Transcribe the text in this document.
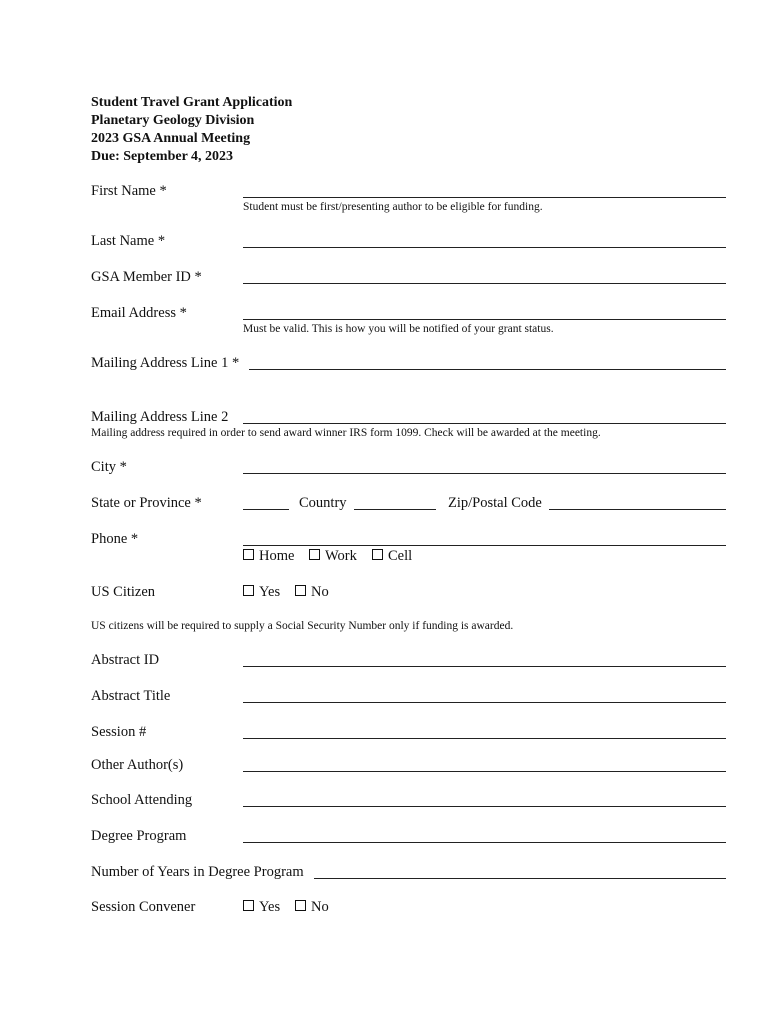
Student Travel Grant Application
Planetary Geology Division
2023 GSA Annual Meeting
Due: September 4, 2023
First Name *
Student must be first/presenting author to be eligible for funding.
Last Name *
GSA Member ID *
Email Address *
Must be valid. This is how you will be notified of your grant status.
Mailing Address Line 1 *
Mailing Address Line 2
Mailing address required in order to send award winner IRS form 1099. Check will be awarded at the meeting.
City *
State or Province *	Country	Zip/Postal Code
Phone *
Home	Work	Cell
US Citizen	Yes	No
US citizens will be required to supply a Social Security Number only if funding is awarded.
Abstract ID
Abstract Title
Session #
Other Author(s)
School Attending
Degree Program
Number of Years in Degree Program
Session Convener	Yes	No
